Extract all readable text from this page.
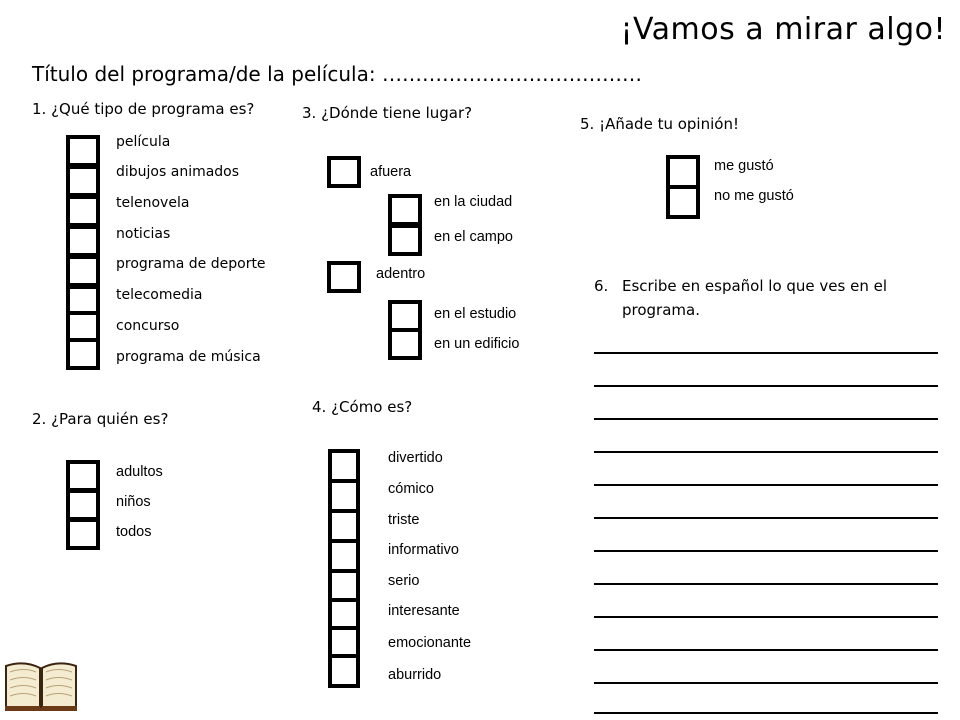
¡Vamos a mirar algo!
Título del programa/de la película: …………………………………
1. ¿Qué tipo de programa es?
película
dibujos animados
telenovela
noticias
programa de deporte
telecomedia
concurso
programa de música
2. ¿Para quién es?
adultos
niños
todos
3. ¿Dónde tiene lugar?
afuera
en la ciudad
en el campo
adentro
en el estudio
en un edificio
4. ¿Cómo es?
divertido
cómico
triste
informativo
serio
interesante
emocionante
aburrido
5. ¡Añade tu opinión!
me gustó
no me gustó
6. Escribe en español lo que ves en el programa.
